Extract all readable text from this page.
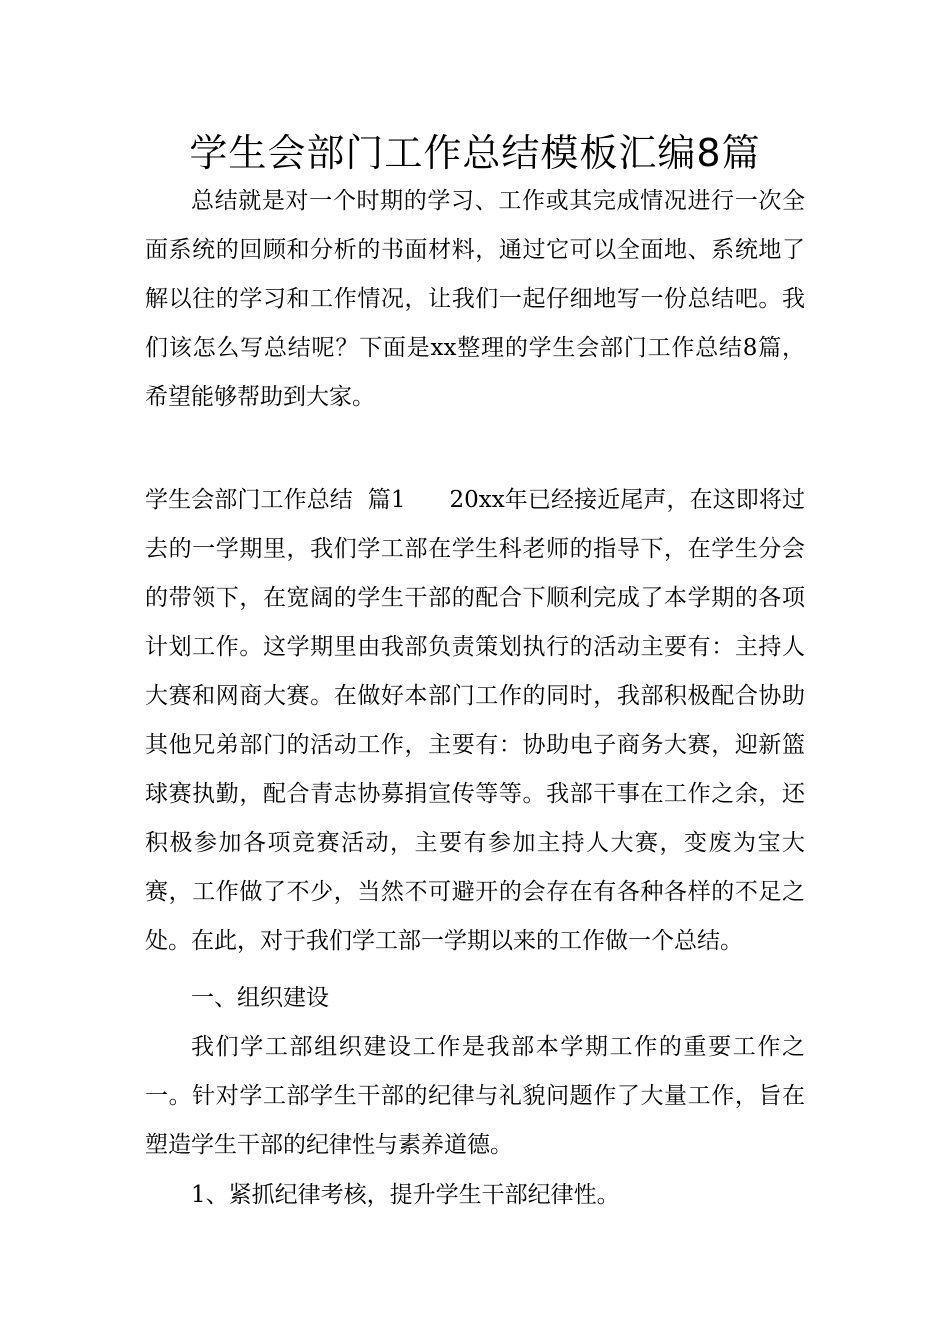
学生会部门工作总结模板汇编8篇

总结就是对一个时期的学习、工作或其完成情况进行一次全面系统的回顾和分析的书面材料，通过它可以全面地、系统地了解以往的学习和工作情况，让我们一起仔细地写一份总结吧。我们该怎么写总结呢？下面是xx整理的学生会部门工作总结8篇，希望能够帮助到大家。

学生会部门工作总结  篇1 20xx年已经接近尾声，在这即将过去的一学期里，我们学工部在学生科老师的指导下，在学生分会的带领下，在宽阔的学生干部的配合下顺利完成了本学期的各项计划工作。这学期里由我部负责策划执行的活动主要有：主持人大赛和网商大赛。在做好本部门工作的同时，我部积极配合协助其他兄弟部门的活动工作，主要有：协助电子商务大赛，迎新篮球赛执勤，配合青志协募捐宣传等等。我部干事在工作之余，还积极参加各项竞赛活动，主要有参加主持人大赛，变废为宝大赛，工作做了不少，当然不可避开的会存在有各种各样的不足之处。在此，对于我们学工部一学期以来的工作做一个总结。

一、组织建设

我们学工部组织建设工作是我部本学期工作的重要工作之一。针对学工部学生干部的纪律与礼貌问题作了大量工作，旨在塑造学生干部的纪律性与素养道德。

1、紧抓纪律考核，提升学生干部纪律性。
